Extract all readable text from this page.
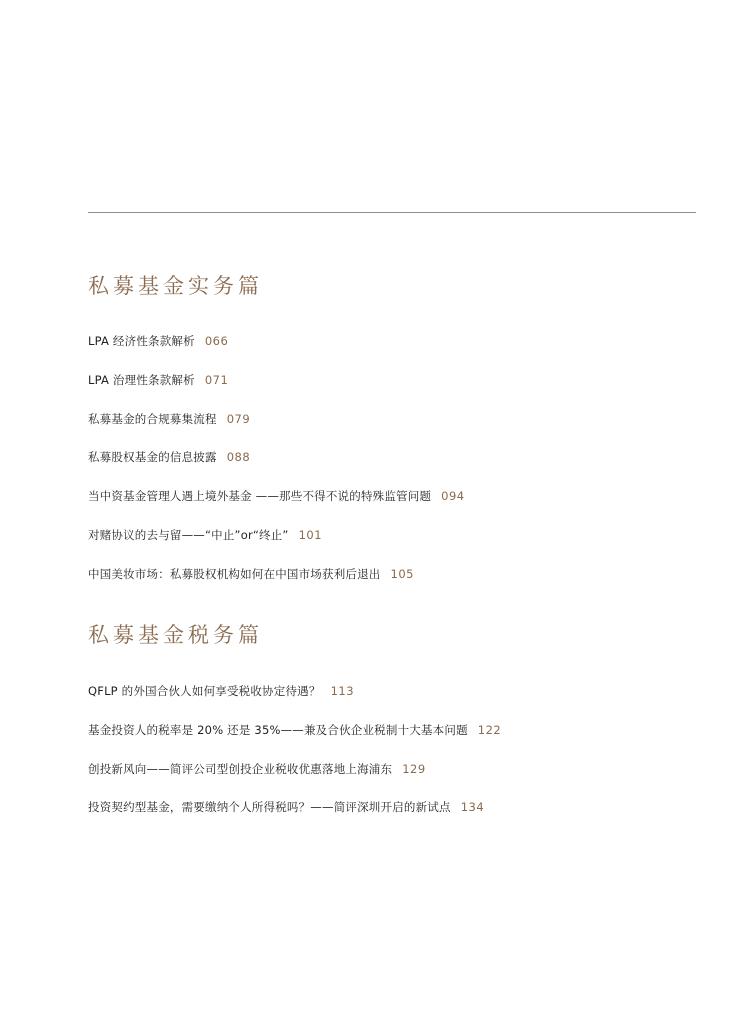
私募基金实务篇
LPA 经济性条款解析 066
LPA 治理性条款解析 071
私募基金的合规募集流程 079
私募股权基金的信息披露 088
当中资基金管理人遇上境外基金 ——那些不得不说的特殊监管问题 094
对赌协议的去与留——“中止”or“终止” 101
中国美妆市场：私募股权机构如何在中国市场获利后退出 105
私募基金税务篇
QFLP 的外国合伙人如何享受税收协定待遇？ 113
基金投资人的税率是 20% 还是 35%——兼及合伙企业税制十大基本问题 122
创投新风向——简评公司型创投企业税收优惠落地上海浦东 129
投资契约型基金，需要缴纳个人所得税吗？——简评深圳开启的新试点 134
